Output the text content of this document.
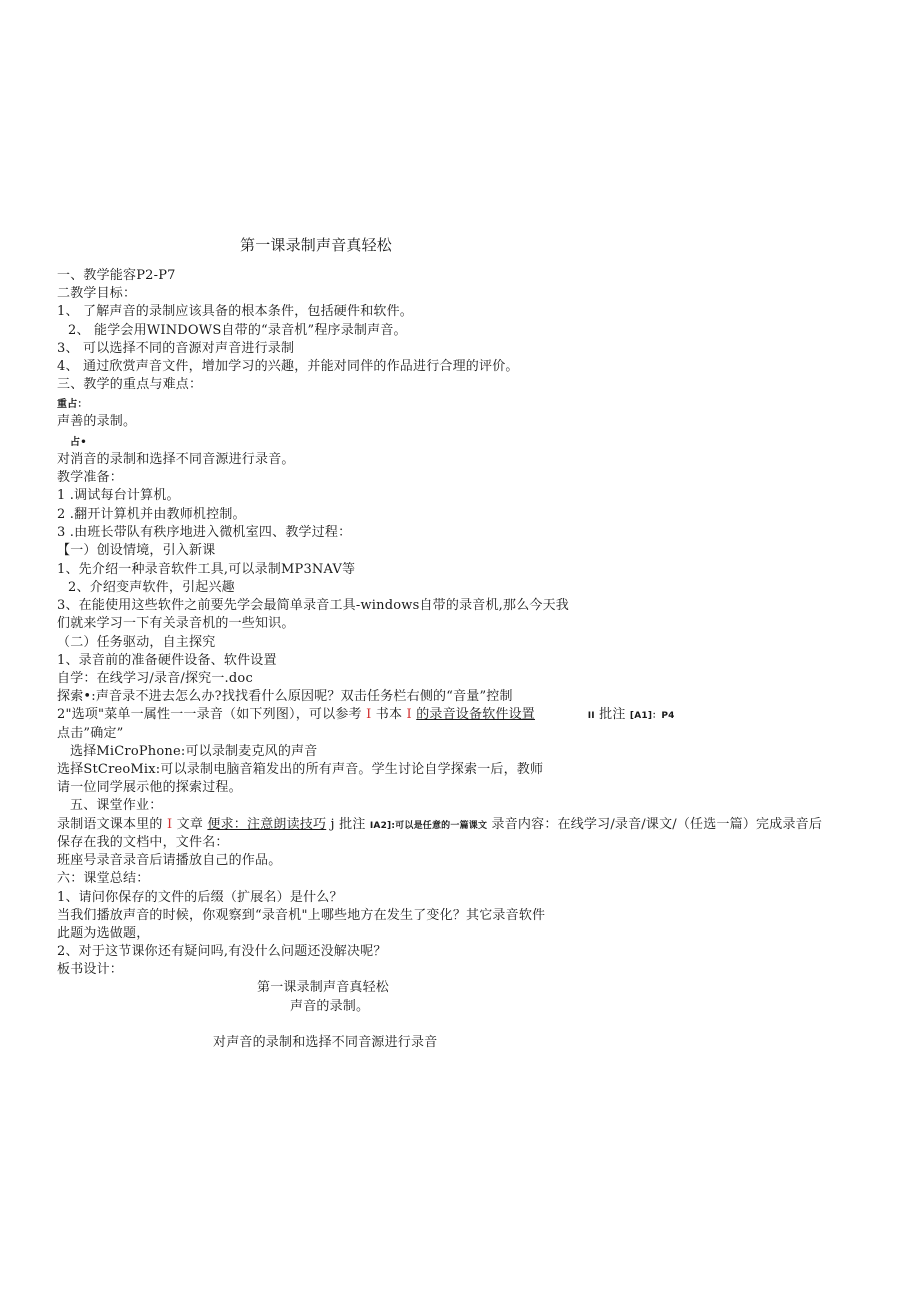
第一课录制声音真轻松
一、教学能容P2-P7
二教学目标：
1、 了解声音的录制应该具备的根本条件，包括硬件和软件。
2、 能学会用WINDOWS自带的“录音机”程序录制声音。
3、 可以选择不同的音源对声音进行录制
4、 通过欣赏声音文件，增加学习的兴趣，并能对同伴的作品进行合理的评价。
三、教学的重点与难点：
重占：
声善的录制。
占•
对消音的录制和选择不同音源进行录音。
教学准备：
1 .调试每台计算机。
2 .翻开计算机并由教师机控制。
3 .由班长带队有秩序地进入微机室四、教学过程：
【一）创设情境，引入新课
1、先介绍一种录音软件工具,可以录制MP3NAV等
2、介绍变声软件，引起兴趣
3、在能使用这些软件之前要先学会最简单录音工具-windows自带的录音机,那么今天我
们就来学习一下有关录音机的一些知识。
（二）任务驱动，自主探究
1、录音前的准备硬件设备、软件设置
自学：在线学习/录音/探究一.doc
探索•:声音录不进去怎么办?找找看什么原因呢？双击任务栏右侧的“音量”控制
2"选项"菜单一属性一一录音（如下列图），可以参考 I 书本 I 的录音设备软件设置	II 批注 [A1]：P4
点击”确定”
选择MiCroPhone:可以录制麦克风的声音
选择StCreoMix:可以录制电脑音箱发出的所有声音。学生讨论自学探索一后，教师
请一位同学展示他的探索过程。
五、课堂作业：
录制语文课本里的 I 文章 便求：注意朗读技巧 j 批注 IA2]:可以是任意的一篇课文 录音内容：在线学习/录音/课文/（任选一篇）完成录音后
保存在我的文档中，文件名：
班座号录音录音后请播放自己的作品。
六：课堂总结：
1、请问你保存的文件的后缀（扩展名）是什么？
当我们播放声音的时候，你观察到“录音机"上哪些地方在发生了变化？其它录音软件
此题为选做题，
2、对于这节课你还有疑问吗,有没什么问题还没解决呢？
板书设计：
第一课录制声音真轻松
声音的录制。
对声音的录制和选择不同音源进行录音
